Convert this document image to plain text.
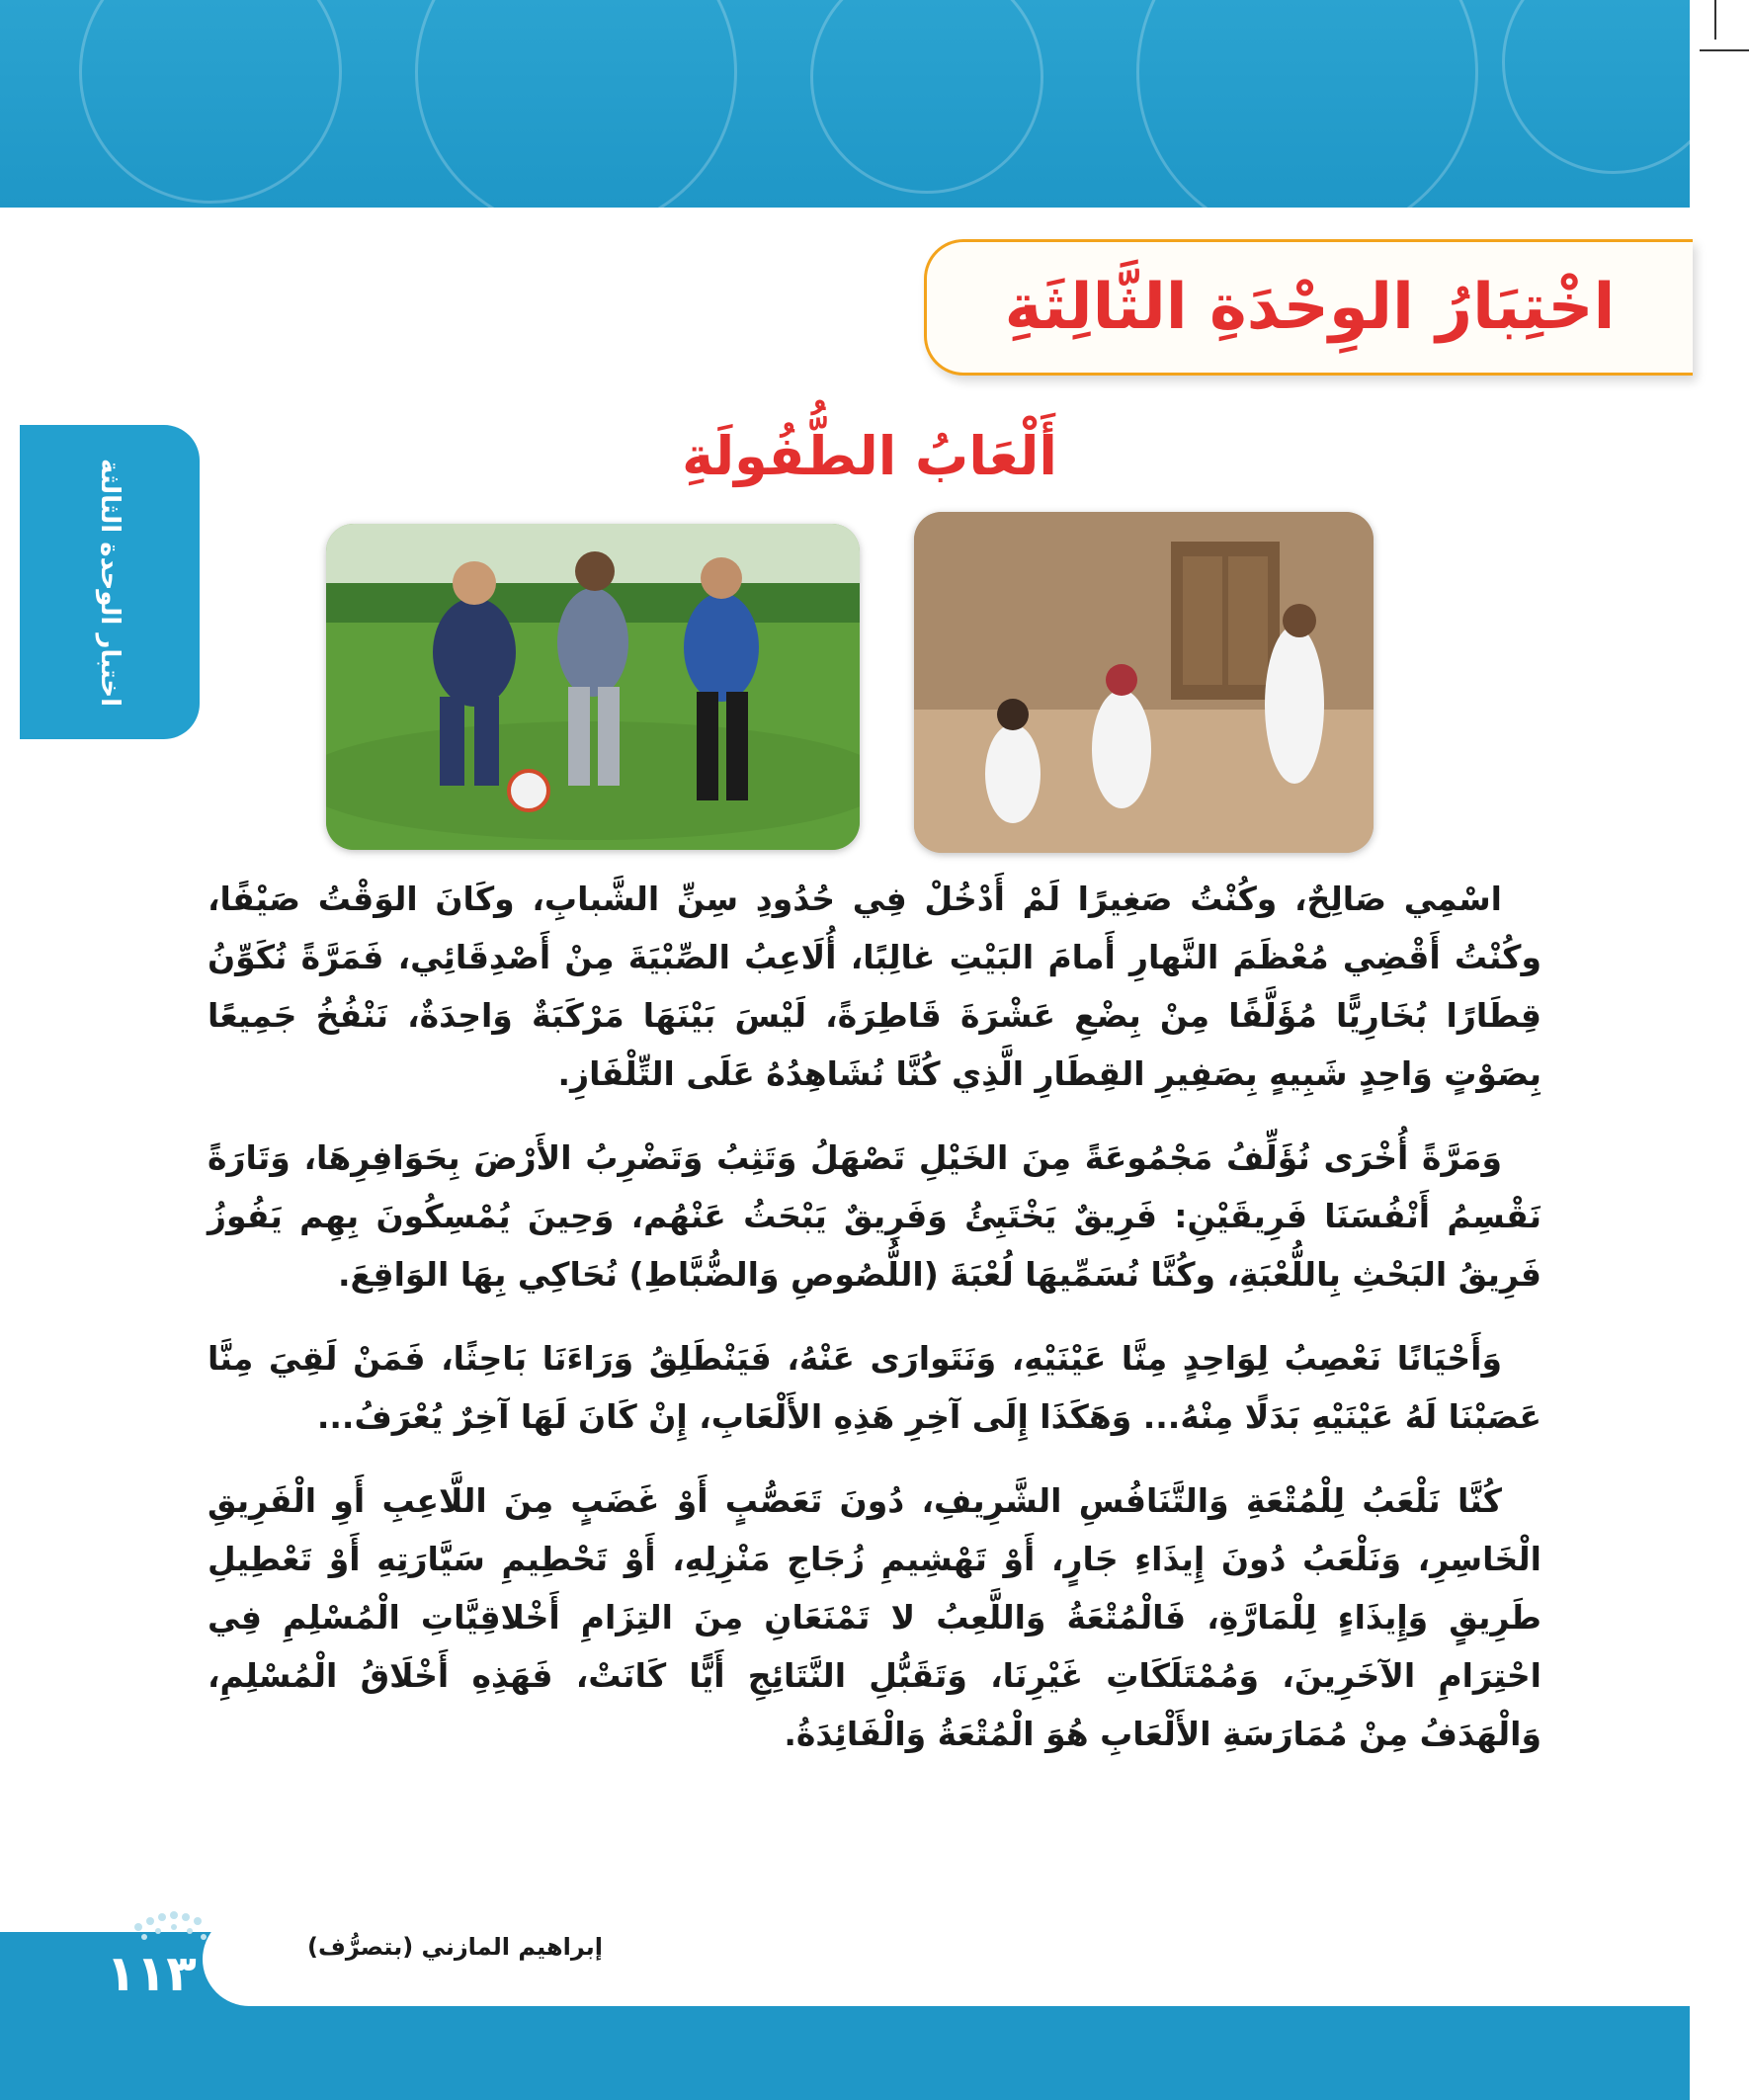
اختبار الوحدة الثالثة
اخْتِبَارُ الوِحْدَةِ الثَّالِثَةِ
أَلْعَابُ الطُّفُولَةِ

اسْمِي صَالِحٌ، وكُنْتُ صَغِيرًا لَمْ أَدْخُلْ فِي حُدُودِ سِنِّ الشَّبابِ، وكَانَ الوَقْتُ صَيْفًا، وكُنْتُ أَقْضِي مُعْظَمَ النَّهارِ أَمامَ البَيْتِ غالِبًا، أُلَاعِبُ الصِّبْيَةَ مِنْ أَصْدِقَائِي، فَمَرَّةً نُكَوِّنُ قِطَارًا بُخَارِيًّا مُؤَلَّفًا مِنْ بِضْعِ عَشْرَةَ قَاطِرَةً، لَيْسَ بَيْنَهَا مَرْكَبَةٌ وَاحِدَةٌ، نَنْفُخُ جَمِيعًا بِصَوْتٍ وَاحِدٍ شَبِيهٍ بِصَفِيرِ القِطَارِ الَّذِي كُنَّا نُشَاهِدُهُ عَلَى التِّلْفَازِ.

وَمَرَّةً أُخْرَى نُؤَلِّفُ مَجْمُوعَةً مِنَ الخَيْلِ تَصْهَلُ وَتَثِبُ وَتَضْرِبُ الأَرْضَ بِحَوَافِرِهَا، وَتَارَةً نَقْسِمُ أَنْفُسَنَا فَرِيقَيْنِ: فَرِيقٌ يَخْتَبِئُ وَفَرِيقٌ يَبْحَثُ عَنْهُم، وَحِينَ يُمْسِكُونَ بِهِم يَفُوزُ فَرِيقُ البَحْثِ بِاللُّعْبَةِ، وكُنَّا نُسَمِّيهَا لُعْبَةَ (اللُّصُوصِ وَالضُّبَّاطِ) نُحَاكِي بِهَا الوَاقِعَ.

وَأَحْيَانًا نَعْصِبُ لِوَاحِدٍ مِنَّا عَيْنَيْهِ، وَنَتَوارَى عَنْهُ، فَيَنْطَلِقُ وَرَاءَنَا بَاحِثًا، فَمَنْ لَقِيَ مِنَّا عَصَبْنَا لَهُ عَيْنَيْهِ بَدَلًا مِنْهُ... وَهَكَذَا إِلَى آخِرِ هَذِهِ الأَلْعَابِ، إِنْ كَانَ لَهَا آخِرٌ يُعْرَفُ...

كُنَّا نَلْعَبُ لِلْمُتْعَةِ وَالتَّنَافُسِ الشَّرِيفِ، دُونَ تَعَصُّبٍ أَوْ غَضَبٍ مِنَ اللَّاعِبِ أَوِ الْفَرِيقِ الْخَاسِرِ، وَنَلْعَبُ دُونَ إِيذَاءِ جَارٍ، أَوْ تَهْشِيمِ زُجَاجِ مَنْزِلِهِ، أَوْ تَحْطِيمِ سَيَّارَتِهِ أَوْ تَعْطِيلِ طَرِيقٍ وَإِيذَاءٍ لِلْمَارَّةِ، فَالْمُتْعَةُ وَاللَّعِبُ لا تَمْنَعَانِ مِنَ التِزَامِ أَخْلاقِيَّاتِ الْمُسْلِمِ فِي احْتِرَامِ الآخَرِينَ، وَمُمْتَلَكَاتِ غَيْرِنَا، وَتَقَبُّلِ النَّتَائِجِ أَيًّا كَانَتْ، فَهَذِهِ أَخْلَاقُ الْمُسْلِمِ، وَالْهَدَفُ مِنْ مُمَارَسَةِ الأَلْعَابِ هُوَ الْمُتْعَةُ وَالْفَائِدَةُ.

١١٣	إبراهيم المازني (بتصرُّف)
